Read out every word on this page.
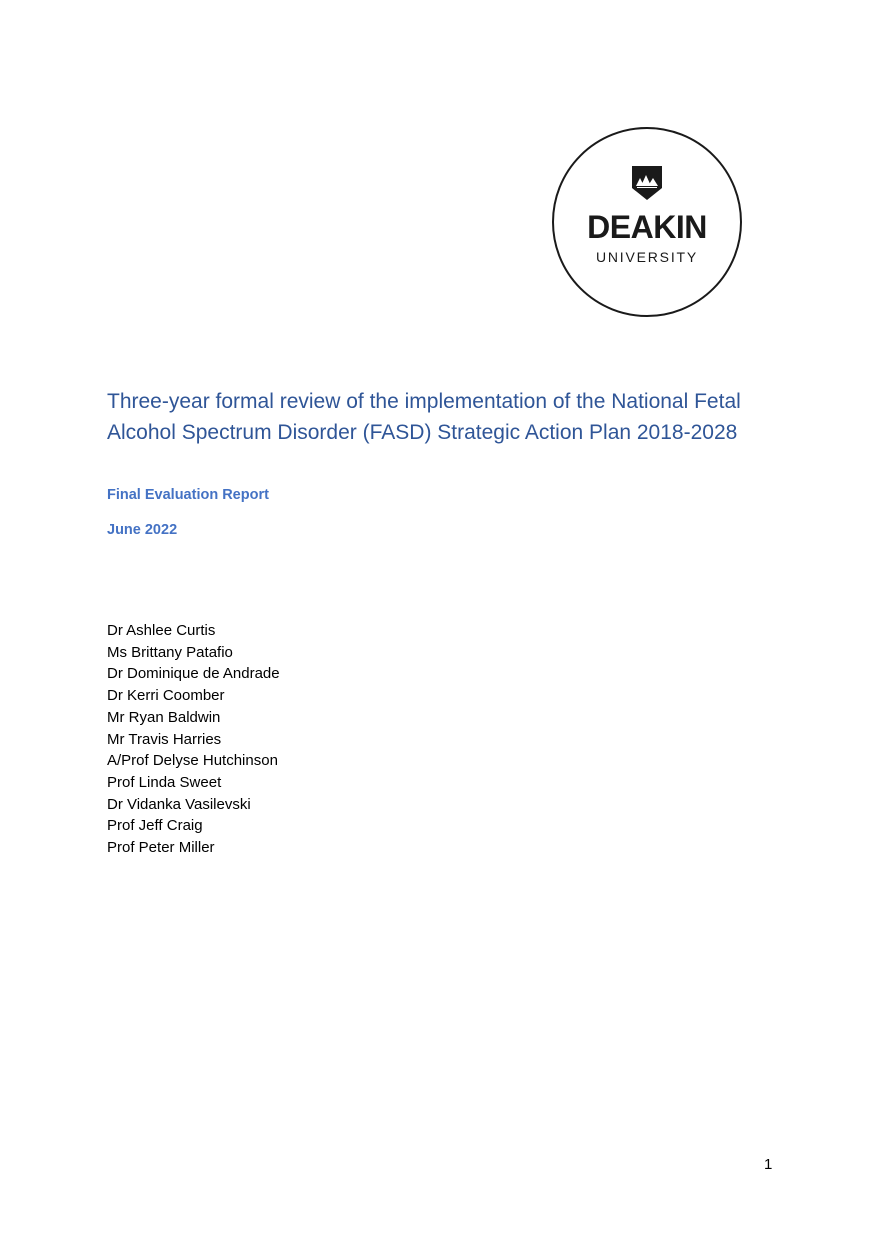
DEAKIN
UNIVERSITY
Three-year formal review of the implementation of the National Fetal
Alcohol Spectrum Disorder (FASD) Strategic Action Plan 2018-2028

Final Evaluation Report

June 2022

Dr Ashlee Curtis
Ms Brittany Patafio
Dr Dominique de Andrade
Dr Kerri Coomber
Mr Ryan Baldwin
Mr Travis Harries
A/Prof Delyse Hutchinson
Prof Linda Sweet
Dr Vidanka Vasilevski
Prof Jeff Craig
Prof Peter Miller
1
